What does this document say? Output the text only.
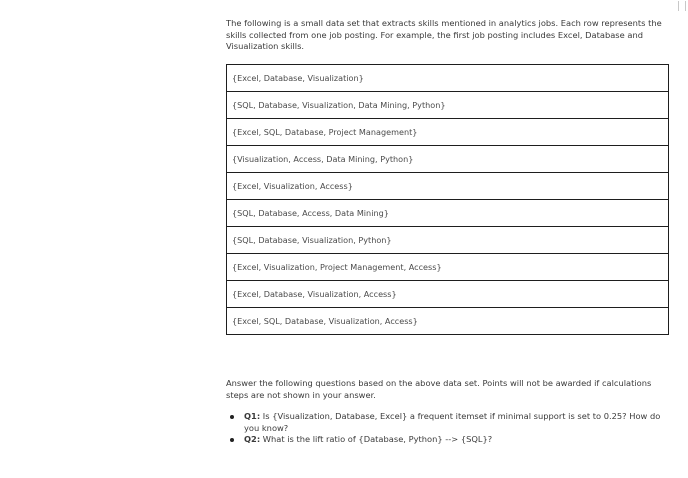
The following is a small data set that extracts skills mentioned in analytics jobs. Each row represents the skills collected from one job posting. For example, the first job posting includes Excel, Database and Visualization skills.

{Excel, Database, Visualization}
{SQL, Database, Visualization, Data Mining, Python}
{Excel, SQL, Database, Project Management}
{Visualization, Access, Data Mining, Python}
{Excel, Visualization, Access}
{SQL, Database, Access, Data Mining}
{SQL, Database, Visualization, Python}
{Excel, Visualization, Project Management, Access}
{Excel, Database, Visualization, Access}
{Excel, SQL, Database, Visualization, Access}

Answer the following questions based on the above data set. Points will not be awarded if calculations steps are not shown in your answer.

Q1: Is {Visualization, Database, Excel} a frequent itemset if minimal support is set to 0.25? How do you know?
Q2: What is the lift ratio of {Database, Python} --> {SQL}?
